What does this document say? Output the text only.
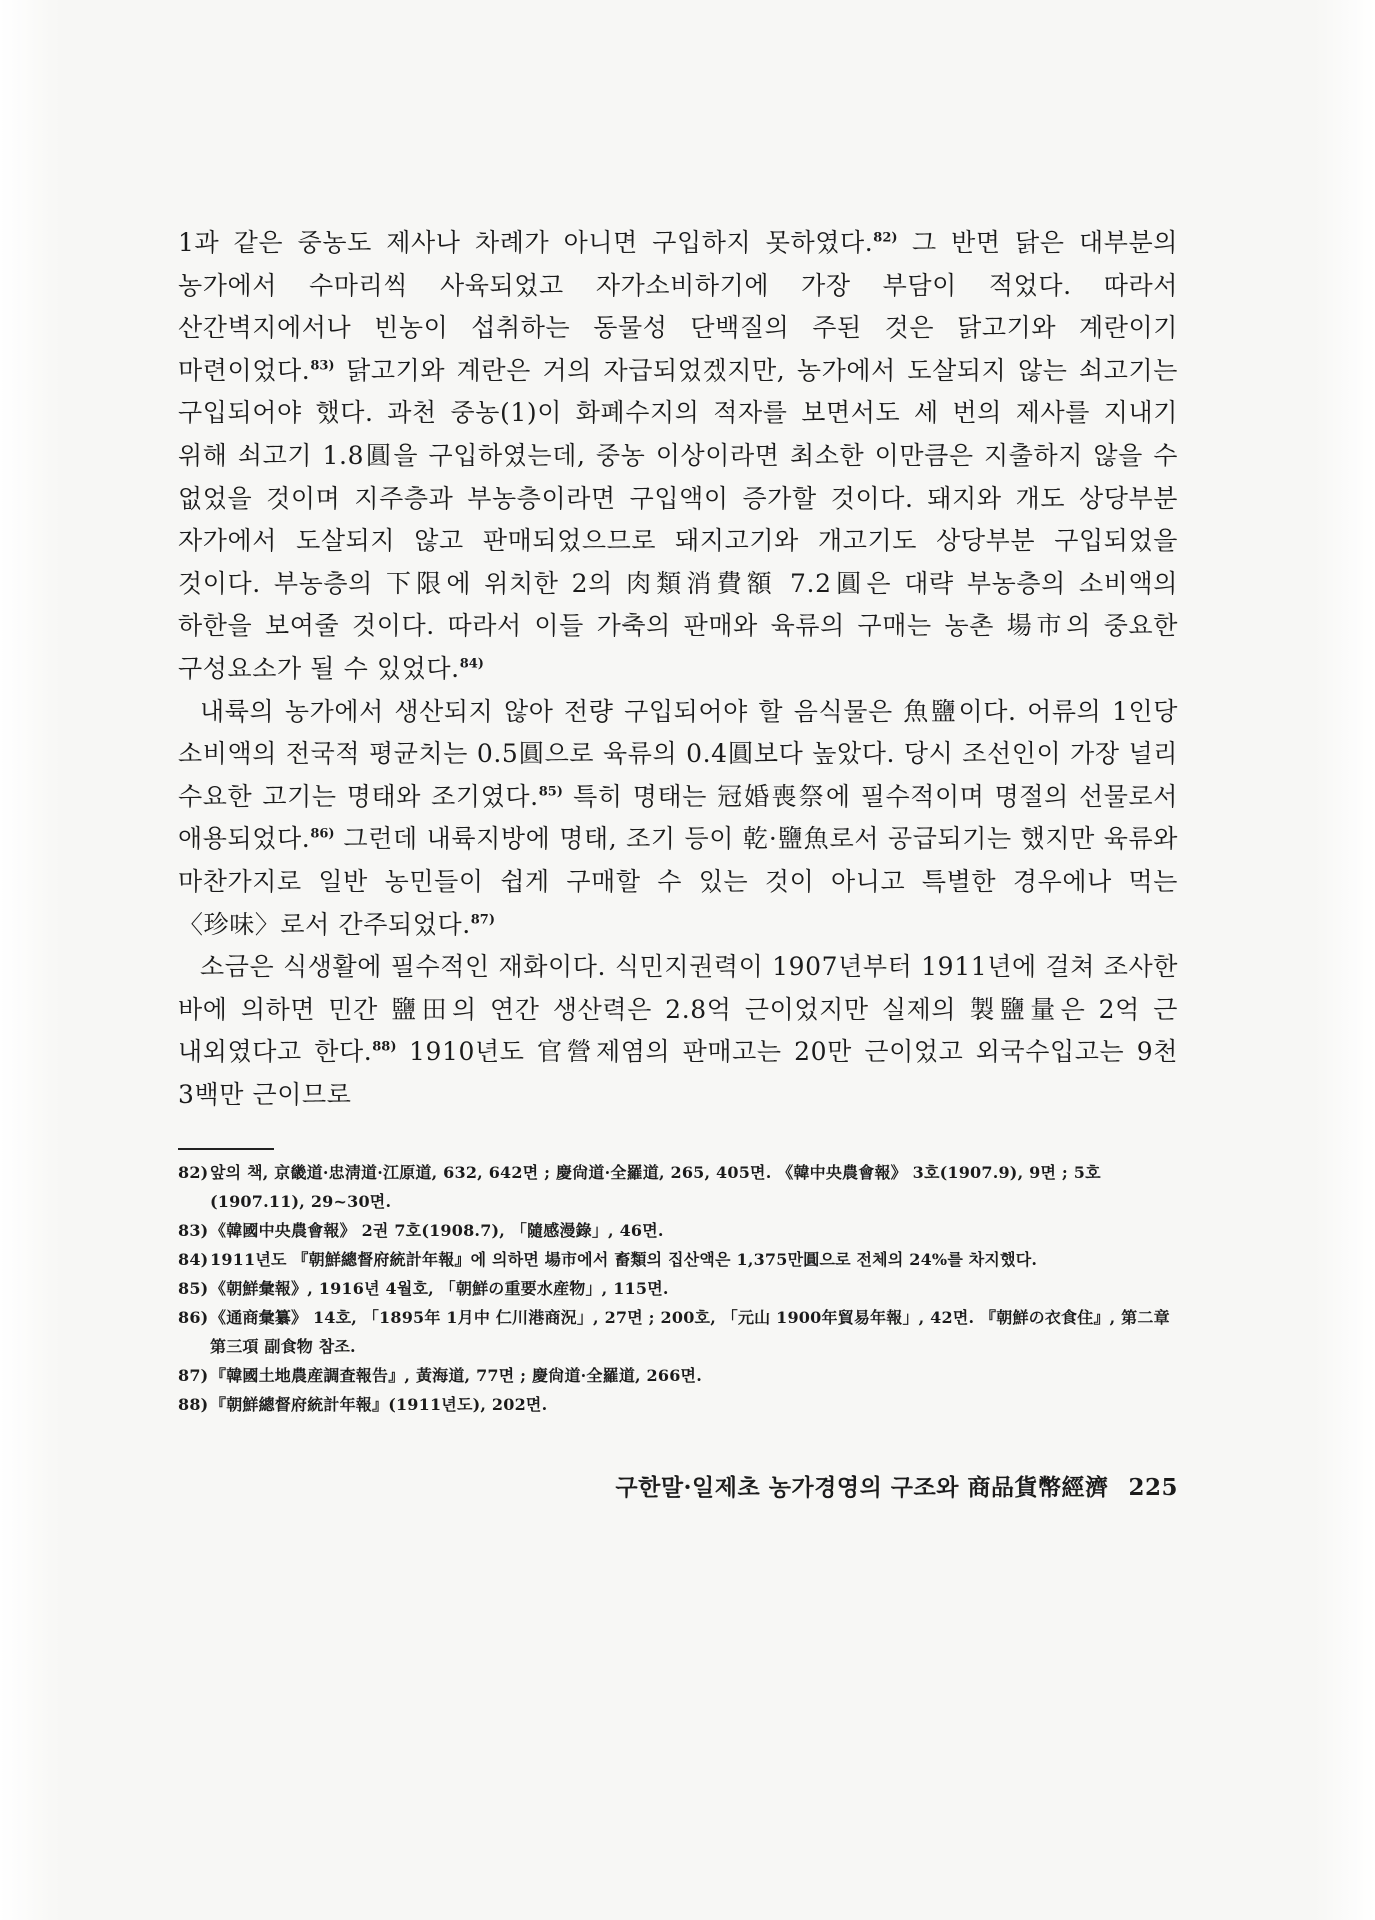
1과 같은 중농도 제사나 차례가 아니면 구입하지 못하였다.$^{82)}$ 그 반면 닭은 대부분의 농가에서 수마리씩 사육되었고 자가소비하기에 가장 부담이 적었다. 따라서 산간벽지에서나 빈농이 섭취하는 동물성 단백질의 주된 것은 닭고기와 계란이기 마련이었다.$^{83)}$ 닭고기와 계란은 거의 자급되었겠지만, 농가에서 도살되지 않는 쇠고기는 구입되어야 했다. 과천 중농(1)이 화폐수지의 적자를 보면서도 세 번의 제사를 지내기 위해 쇠고기 1.8圓을 구입하였는데, 중농 이상이라면 최소한 이만큼은 지출하지 않을 수 없었을 것이며 지주층과 부농층이라면 구입액이 증가할 것이다. 돼지와 개도 상당부분 자가에서 도살되지 않고 판매되었으므로 돼지고기와 개고기도 상당부분 구입되었을 것이다. 부농층의 下限에 위치한 2의 肉類消費額 7.2圓은 대략 부농층의 소비액의 하한을 보여줄 것이다. 따라서 이들 가축의 판매와 육류의 구매는 농촌 場市의 중요한 구성요소가 될 수 있었다.$^{84)}$

내륙의 농가에서 생산되지 않아 전량 구입되어야 할 음식물은 魚鹽이다. 어류의 1인당 소비액의 전국적 평균치는 0.5圓으로 육류의 0.4圓보다 높았다. 당시 조선인이 가장 널리 수요한 고기는 명태와 조기였다.$^{85)}$ 특히 명태는 冠婚喪祭에 필수적이며 명절의 선물로서 애용되었다.$^{86)}$ 그런데 내륙지방에 명태, 조기 등이 乾·鹽魚로서 공급되기는 했지만 육류와 마찬가지로 일반 농민들이 쉽게 구매할 수 있는 것이 아니고 특별한 경우에나 먹는 〈珍味〉로서 간주되었다.$^{87)}$

소금은 식생활에 필수적인 재화이다. 식민지권력이 1907년부터 1911년에 걸쳐 조사한 바에 의하면 민간 鹽田의 연간 생산력은 2.8억 근이었지만 실제의 製鹽量은 2억 근 내외였다고 한다.$^{88)}$ 1910년도 官營제염의 판매고는 20만 근이었고 외국수입고는 9천 3백만 근이므로

82)앞의 책, 京畿道·忠淸道·江原道, 632, 642면 ; 慶尙道·全羅道, 265, 405면. 《韓中央農會報》 3호(1907.9), 9면 ; 5호(1907.11), 29~30면.
83)《韓國中央農會報》 2권 7호(1908.7), 「隨感漫錄」, 46면.
84)1911년도 『朝鮮總督府統計年報』에 의하면 場市에서 畜類의 집산액은 1,375만圓으로 전체의 24%를 차지했다.
85)《朝鮮彙報》, 1916년 4월호, 「朝鮮の重要水産物」, 115면.
86)《通商彙纂》 14호, 「1895年 1月中 仁川港商況」, 27면 ; 200호, 「元山 1900年貿易年報」, 42면. 『朝鮮の衣食住』, 第二章 第三項 副食物 참조.
87)『韓國土地農産調査報告』, 黃海道, 77면 ; 慶尙道·全羅道, 266면.
88)『朝鮮總督府統計年報』(1911년도), 202면.
구한말·일제초 농가경영의 구조와 商品貨幣經濟 225
